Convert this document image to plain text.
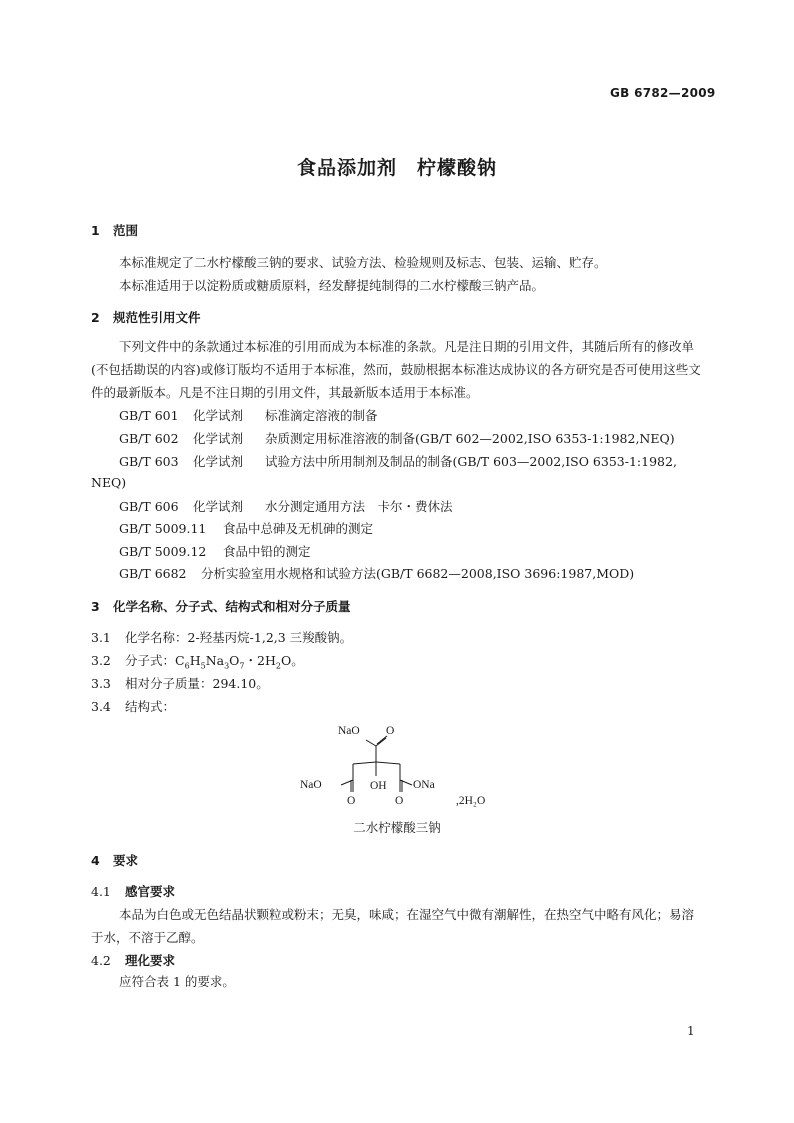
GB 6782—2009
食品添加剂　柠檬酸钠
1 范围
本标准规定了二水柠檬酸三钠的要求、试验方法、检验规则及标志、包装、运输、贮存。
本标准适用于以淀粉质或糖质原料，经发酵提纯制得的二水柠檬酸三钠产品。
2 规范性引用文件
下列文件中的条款通过本标准的引用而成为本标准的条款。凡是注日期的引用文件，其随后所有的修改单(不包括勘误的内容)或修订版均不适用于本标准，然而，鼓励根据本标准达成协议的各方研究是否可使用这些文件的最新版本。凡是不注日期的引用文件，其最新版本适用于本标准。
GB/T 601 化学试剂 标准滴定溶液的制备
GB/T 602 化学试剂 杂质测定用标准溶液的制备(GB/T 602—2002,ISO 6353-1:1982,NEQ)
GB/T 603 化学试剂 试验方法中所用制剂及制品的制备(GB/T 603—2002,ISO 6353-1:1982,
NEQ)
GB/T 606 化学试剂 水分测定通用方法　卡尔・费休法
GB/T 5009.11 食品中总砷及无机砷的测定
GB/T 5009.12 食品中铅的测定
GB/T 6682 分析实验室用水规格和试验方法(GB/T 6682—2008,ISO 3696:1987,MOD)
3 化学名称、分子式、结构式和相对分子质量
3.1 化学名称：2-羟基丙烷-1,2,3 三羧酸钠。
3.2 分子式：$C_6H_5Na_3O_7$・$2H_2O$。
3.3 相对分子质量：294.10。
3.4 结构式：
NaO O
NaO	OH ONa
O	O	,2H₂O
二水柠檬酸三钠
4 要求
4.1 感官要求
本品为白色或无色结晶状颗粒或粉末；无臭，味咸；在湿空气中微有潮解性，在热空气中略有风化；易溶于水，不溶于乙醇。
4.2 理化要求
应符合表 1 的要求。
1
